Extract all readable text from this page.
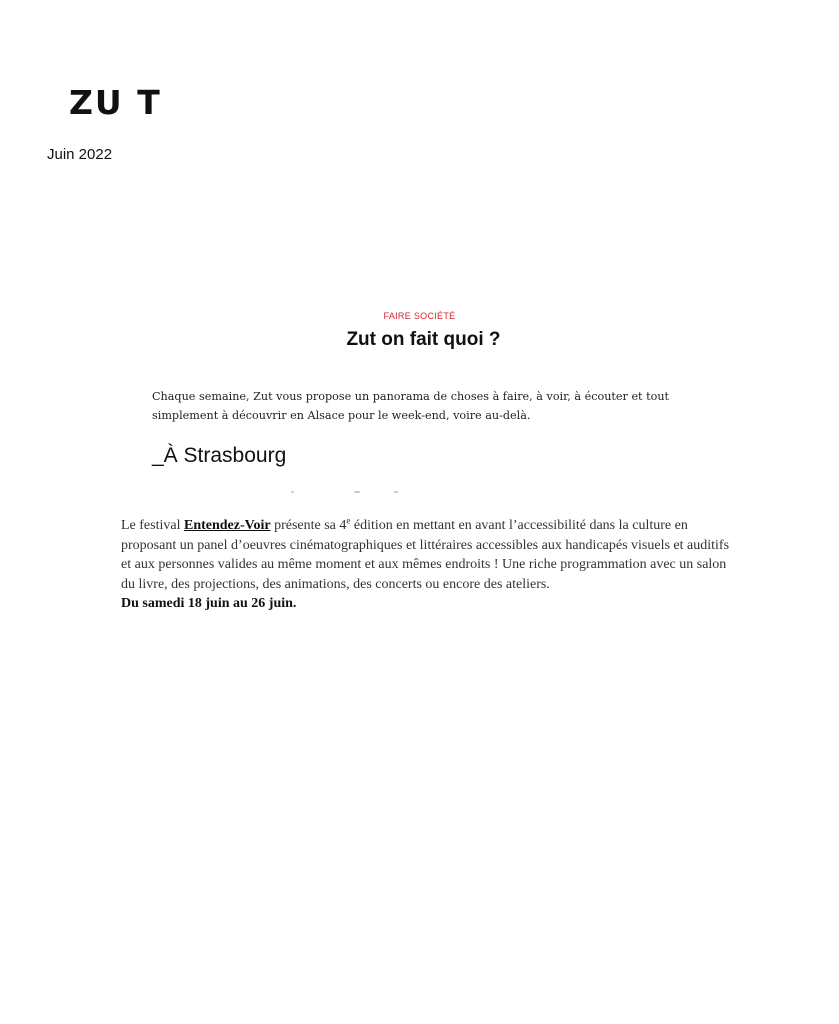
ZU T
Juin 2022
FAIRE SOCIÉTÉ
Zut on fait quoi ?
Chaque semaine, Zut vous propose un panorama de choses à faire, à voir, à écouter et tout simplement à découvrir en Alsace pour le week-end, voire au-delà.
_À Strasbourg
Le festival Entendez-Voir présente sa 4e édition en mettant en avant l’accessibilité dans la culture en proposant un panel d’oeuvres cinématographiques et littéraires accessibles aux handicapés visuels et auditifs et aux personnes valides au même moment et aux mêmes endroits ! Une riche programmation avec un salon du livre, des projections, des animations, des concerts ou encore des ateliers.
Du samedi 18 juin au 26 juin.
